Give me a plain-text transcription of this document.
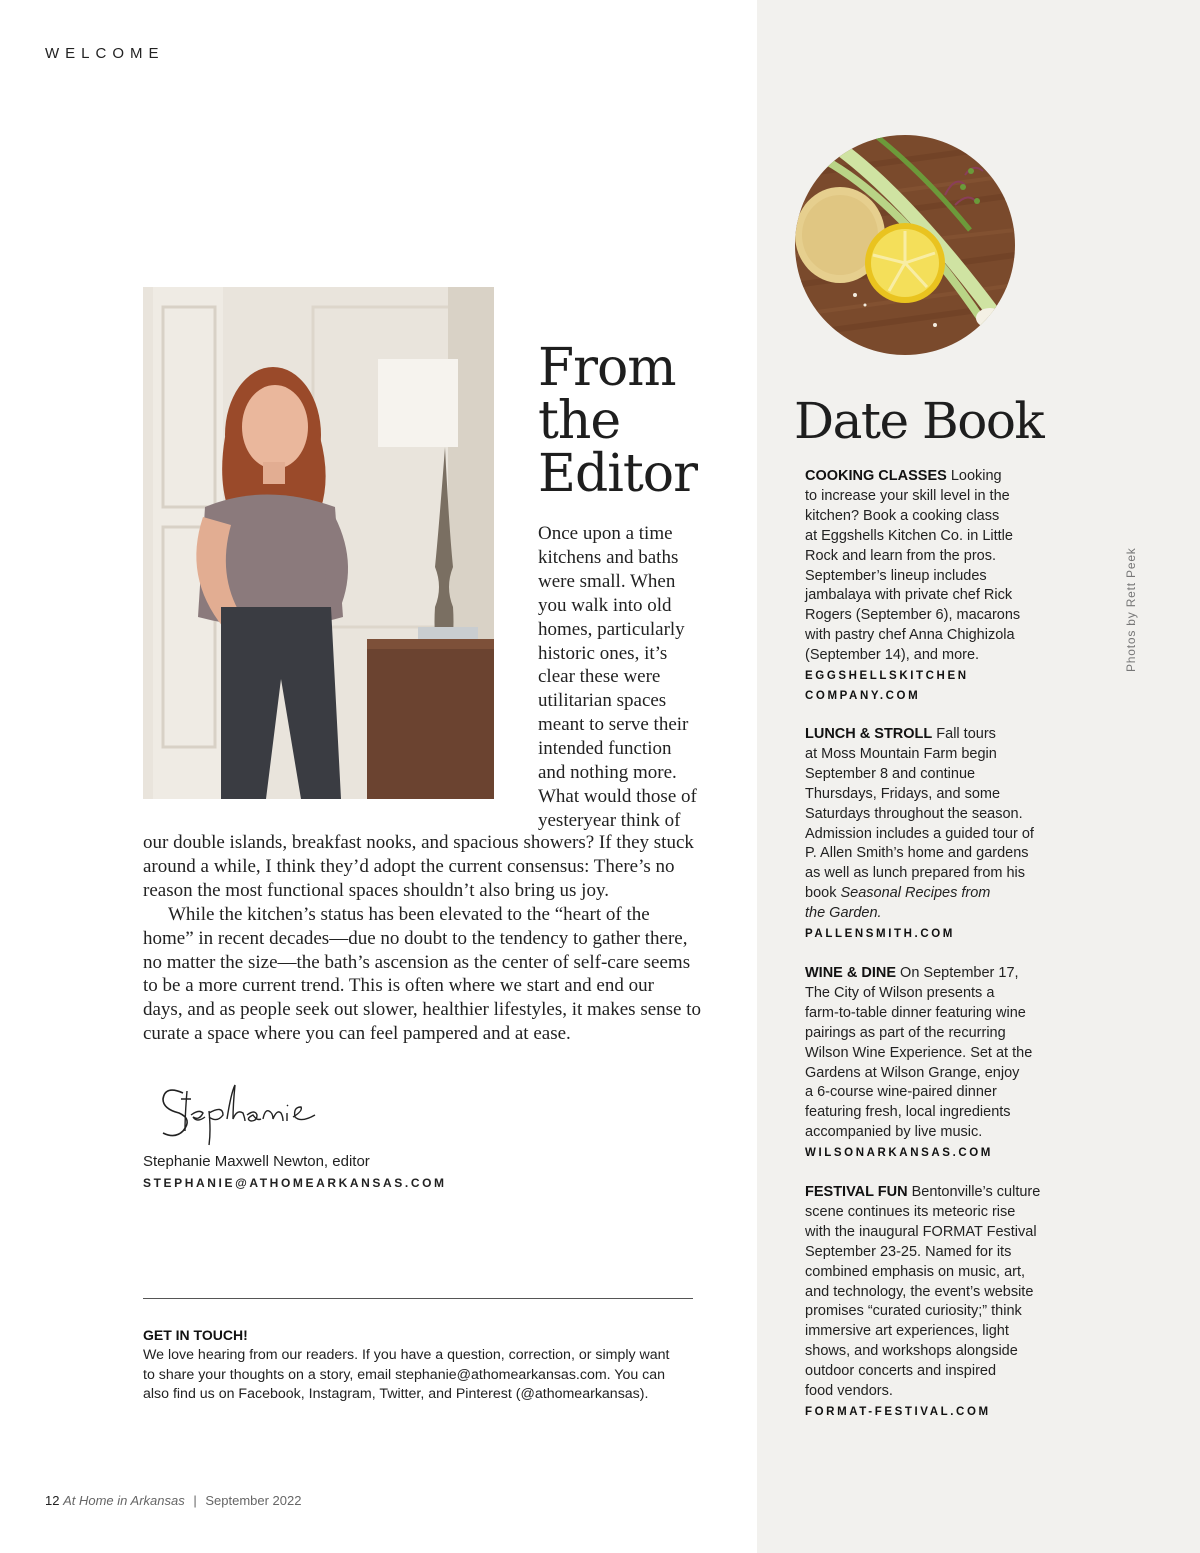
WELCOME
From
the
Editor
Once upon a time
kitchens and baths
were small. When
you walk into old
homes, particularly
historic ones, it’s
clear these were
utilitarian spaces
meant to serve their
intended function
and nothing more.
What would those of
yesteryear think of
our double islands, breakfast nooks, and spacious showers? If they stuck
around a while, I think they’d adopt the current consensus: There’s no
reason the most functional spaces shouldn’t also bring us joy.
While the kitchen’s status has been elevated to the “heart of the
home” in recent decades—due no doubt to the tendency to gather there,
no matter the size—the bath’s ascension as the center of self-care seems
to be a more current trend. This is often where we start and end our
days, and as people seek out slower, healthier lifestyles, it makes sense to
curate a space where you can feel pampered and at ease.
Stephanie Maxwell Newton, editor
STEPHANIE@ATHOMEARKANSAS.COM
GET IN TOUCH!
We love hearing from our readers. If you have a question, correction, or simply want
to share your thoughts on a story, email stephanie@athomearkansas.com. You can
also find us on Facebook, Instagram, Twitter, and Pinterest (@athomearkansas).
12 At Home in Arkansas | September 2022
Date Book
Photos by Rett Peek
COOKING CLASSES Looking
to increase your skill level in the
kitchen? Book a cooking class
at Eggshells Kitchen Co. in Little
Rock and learn from the pros.
September’s lineup includes
jambalaya with private chef Rick
Rogers (September 6), macarons
with pastry chef Anna Chighizola
(September 14), and more.
EGGSHELLSKITCHEN
COMPANY.COM
LUNCH & STROLL Fall tours
at Moss Mountain Farm begin
September 8 and continue
Thursdays, Fridays, and some
Saturdays throughout the season.
Admission includes a guided tour of
P. Allen Smith’s home and gardens
as well as lunch prepared from his
book Seasonal Recipes from
the Garden.
PALLENSMITH.COM
WINE & DINE On September 17,
The City of Wilson presents a
farm-to-table dinner featuring wine
pairings as part of the recurring
Wilson Wine Experience. Set at the
Gardens at Wilson Grange, enjoy
a 6-course wine-paired dinner
featuring fresh, local ingredients
accompanied by live music.
WILSONARKANSAS.COM
FESTIVAL FUN Bentonville’s culture
scene continues its meteoric rise
with the inaugural FORMAT Festival
September 23-25. Named for its
combined emphasis on music, art,
and technology, the event’s website
promises “curated curiosity;” think
immersive art experiences, light
shows, and workshops alongside
outdoor concerts and inspired
food vendors.
FORMAT-FESTIVAL.COM
